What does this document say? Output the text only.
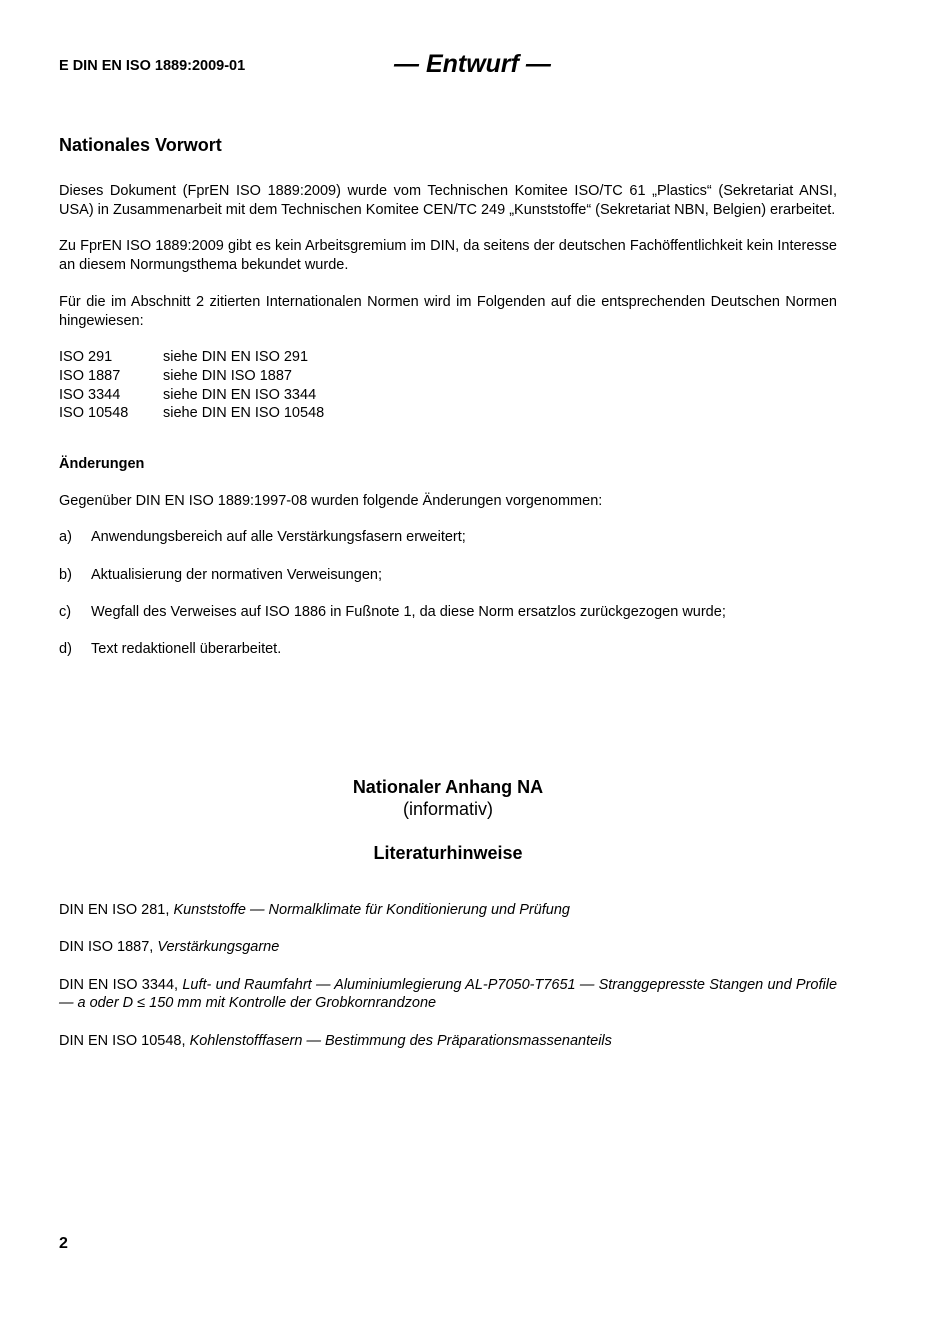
E DIN EN ISO 1889:2009-01	— Entwurf —
Nationales Vorwort

Dieses Dokument (FprEN ISO 1889:2009) wurde vom Technischen Komitee ISO/TC 61 „Plastics“ (Sekretariat ANSI, USA) in Zusammenarbeit mit dem Technischen Komitee CEN/TC 249 „Kunststoffe“ (Sekretariat NBN, Belgien) erarbeitet.

Zu FprEN ISO 1889:2009 gibt es kein Arbeitsgremium im DIN, da seitens der deutschen Fachöffentlichkeit kein Interesse an diesem Normungsthema bekundet wurde.

Für die im Abschnitt 2 zitierten Internationalen Normen wird im Folgenden auf die entsprechenden Deutschen Normen hingewiesen:

ISO 291	siehe DIN EN ISO 291
ISO 1887	siehe DIN ISO 1887
ISO 3344	siehe DIN EN ISO 3344
ISO 10548	siehe DIN EN ISO 10548
Änderungen

Gegenüber DIN EN ISO 1889:1997-08 wurden folgende Änderungen vorgenommen:

a)	Anwendungsbereich auf alle Verstärkungsfasern erweitert;
b)	Aktualisierung der normativen Verweisungen;
c)	Wegfall des Verweises auf ISO 1886 in Fußnote 1, da diese Norm ersatzlos zurückgezogen wurde;
d)	Text redaktionell überarbeitet.
Nationaler Anhang NA
(informativ)
Literaturhinweise

DIN EN ISO 281, Kunststoffe — Normalklimate für Konditionierung und Prüfung

DIN ISO 1887, Verstärkungsgarne

DIN EN ISO 3344, Luft- und Raumfahrt — Aluminiumlegierung AL-P7050-T7651 — Stranggepresste Stangen und Profile — a oder D ≤ 150 mm mit Kontrolle der Grobkornrandzone

DIN EN ISO 10548, Kohlenstofffasern — Bestimmung des Präparationsmassenanteils

2
